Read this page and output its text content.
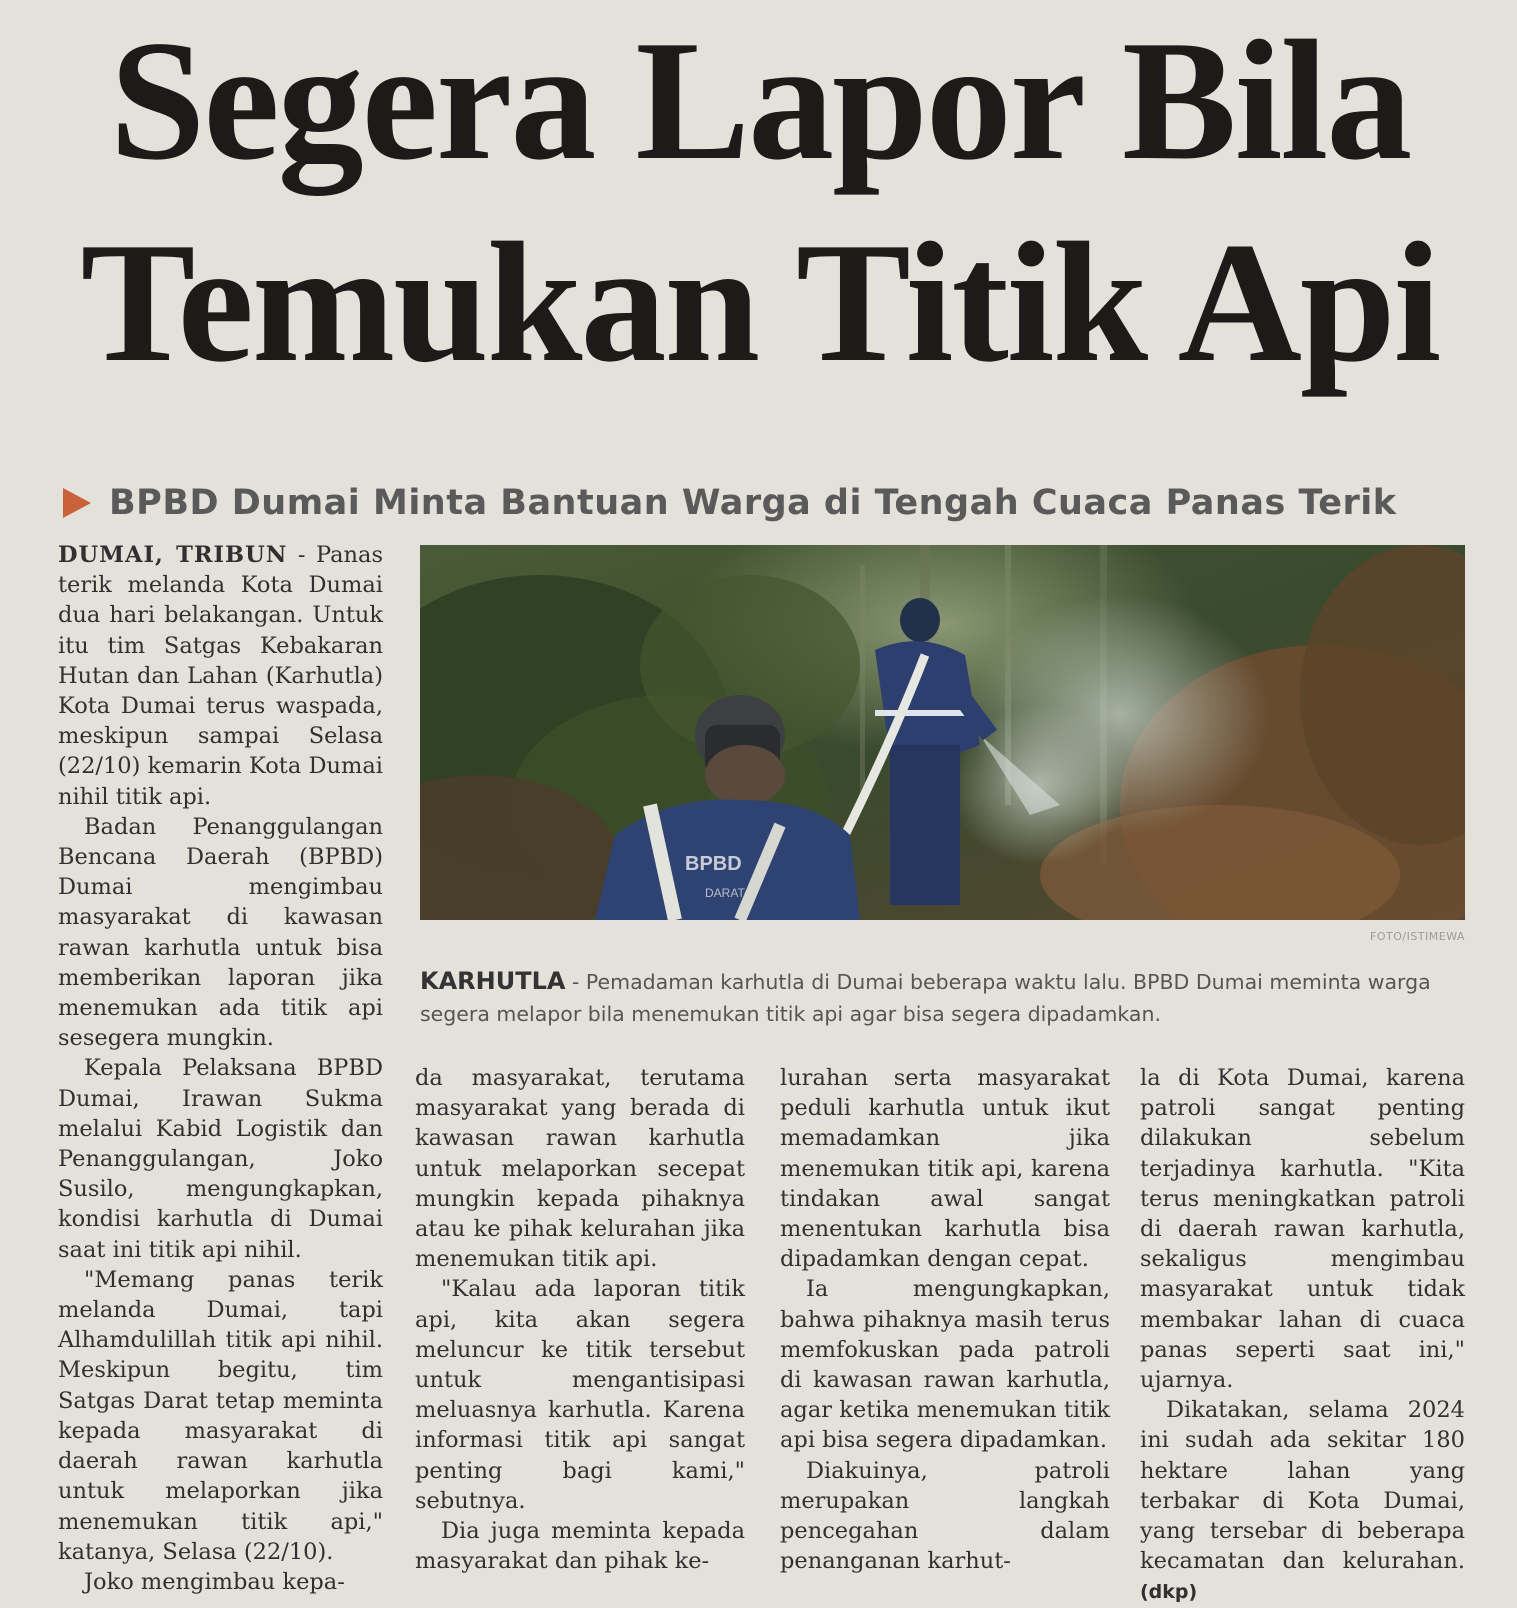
Segera Lapor Bila
Temukan Titik Api
BPBD Dumai Minta Bantuan Warga di Tengah Cuaca Panas Terik

DUMAI, TRIBUN - Panas terik melanda Kota Dumai dua hari belakangan. Untuk itu tim Satgas Kebakaran Hutan dan Lahan (Karhutla) Kota Dumai terus waspada, meskipun sampai Selasa (22/10) kemarin Kota Dumai nihil titik api.

Badan Penanggulangan Bencana Daerah (BPBD) Dumai mengimbau masyarakat di kawasan rawan karhutla untuk bisa memberikan laporan jika menemukan ada titik api sesegera mungkin.

Kepala Pelaksana BPBD Dumai, Irawan Sukma melalui Kabid Logistik dan Penanggulangan, Joko Susilo, mengungkapkan, kondisi karhutla di Dumai saat ini titik api nihil.

"Memang panas terik melanda Dumai, tapi Alhamdulillah titik api nihil. Meskipun begitu, tim Satgas Darat tetap meminta kepada masyarakat di daerah rawan karhutla untuk melaporkan jika menemukan titik api," katanya, Selasa (22/10).

Joko mengimbau kepa-

BPBD
DARAT
FOTO/ISTIMEWA
KARHUTLA - Pemadaman karhutla di Dumai beberapa waktu lalu. BPBD Dumai meminta warga segera melapor bila menemukan titik api agar bisa segera dipadamkan.

da masyarakat, terutama masyarakat yang berada di kawasan rawan karhutla untuk melaporkan secepat mungkin kepada pihaknya atau ke pihak kelurahan jika menemukan titik api.

"Kalau ada laporan titik api, kita akan segera meluncur ke titik tersebut untuk mengantisipasi meluasnya karhutla. Karena informasi titik api sangat penting bagi kami," sebutnya.

Dia juga meminta kepada masyarakat dan pihak ke-

lurahan serta masyarakat peduli karhutla untuk ikut memadamkan jika menemukan titik api, karena tindakan awal sangat menentukan karhutla bisa dipadamkan dengan cepat.

Ia mengungkapkan, bahwa pihaknya masih terus memfokuskan pada patroli di kawasan rawan karhutla, agar ketika menemukan titik api bisa segera dipadamkan.

Diakuinya, patroli merupakan langkah pencegahan dalam penanganan karhut-

la di Kota Dumai, karena patroli sangat penting dilakukan sebelum terjadinya karhutla. "Kita terus meningkatkan patroli di daerah rawan karhutla, sekaligus mengimbau masyarakat untuk tidak membakar lahan di cuaca panas seperti saat ini," ujarnya.

Dikatakan, selama 2024 ini sudah ada sekitar 180 hektare lahan yang terbakar di Kota Dumai, yang tersebar di beberapa kecamatan dan kelurahan. (dkp)
